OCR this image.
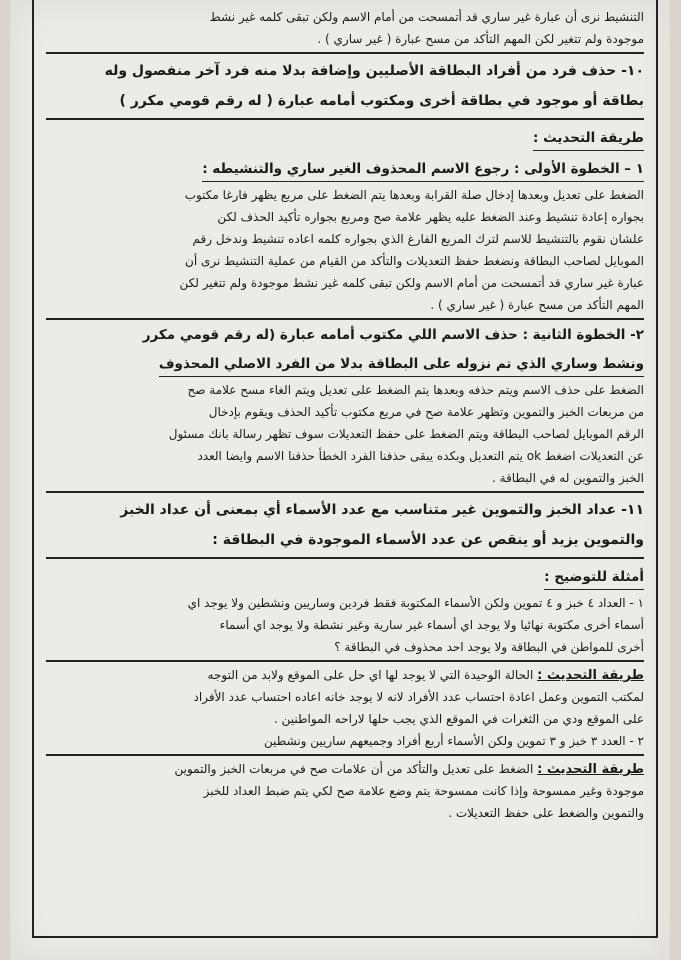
التنشيط نرى أن عبارة غير ساري قد أتمسحت من أمام الاسم ولكن تبقى كلمه غير نشط
موجودة ولم تتغير لكن المهم التأكد من مسح عبارة ( غير ساري ) .
١٠- حذف فرد من أفراد البطاقة الأصليين وإضافة بدلا منه فرد آخر منفصول وله
بطاقة أو موجود في بطاقة أخرى ومكتوب أمامه عبارة ( له رقم قومي مكرر )
طريقة التحديث :
١ – الخطوة الأولى : رجوع الاسم المحذوف الغير ساري والتنشيطه :
الضغط على تعديل وبعدها إدخال صلة القرابة وبعدها يتم الضغط على مربع يظهر فارغا مكتوب
بجواره إعادة تنشيط وعند الضغط عليه يظهر علامة صح ومربع بجواره تأكيد الحذف لكن
علشان نقوم بالتنشيط للاسم لترك المربع الفارغ الذي بجواره كلمه اعاده تنشيط وندخل رقم
الموبايل لصاحب البطاقة ونضغط حفظ التعديلات والتأكد من القيام من عملية التنشيط نرى أن
عبارة غير ساري قد أتمسحت من أمام الاسم ولكن تبقى كلمه غير نشط موجودة ولم تتغير لكن
المهم التأكد من مسح عبارة ( غير ساري ) .
٢- الخطوة الثانية : حذف الاسم اللي مكتوب أمامه عبارة (له رقم قومي مكرر
ونشط وساري الذي تم نزوله على البطاقة بدلا من الفرد الاصلي المحذوف
الضغط على حذف الاسم ويتم حذفه وبعدها يتم الضغط على تعديل ويتم الغاء مسح علامة صح
من مربعات الخبز والتموين وتظهر علامة صح في مربع مكتوب تأكيد الحذف ويقوم بإدخال
الرقم الموبايل لصاحب البطاقة ويتم الضغط على حفظ التعديلات سوف تظهر رسالة بانك مسئول
عن التعديلات اضغط ok يتم التعديل وبكده يبقى حذفنا الفرد الخطأ حذفنا الاسم وايضا العدد
الخبز والتموين له في البطاقة .
١١- عداد الخبز والتموين غير متناسب مع عدد الأسماء أي بمعنى أن عداد الخبز
والتموين يزيد أو ينقص عن عدد الأسماء الموجودة في البطاقة :
أمثلة للتوضيح :
١ - العداد ٤ خبز و ٤ تموين ولكن الأسماء المكتوبة فقط فردين وساريين ونشطين ولا يوجد اي
أسماء أخرى مكتوبة نهائيا ولا يوجد اي أسماء غير سارية وغير نشطة ولا يوجد اي أسماء
أخرى للمواطن في البطاقة ولا يوجد احد محذوف في البطاقة ؟
طريقة التحديث : الحالة الوحيدة التي لا يوجد لها اي حل على الموقع ولابد من التوجه
لمكتب التموين وعمل اعادة احتساب عدد الأفراد لانه لا يوجد خانه اعاده احتساب عدد الأفراد
على الموقع ودي من الثغرات في الموقع الذي يجب حلها لاراحه المواطنين .
٢ - العدد ٣ خبز و ٣ تموين ولكن الأسماء أربع أفراد وجميعهم ساريين ونشطين
طريقة التحديث : الضغط على تعديل والتأكد من أن علامات صح في مربعات الخبز والتموين
موجودة وغير ممسوحة وإذا كانت ممسوحة يتم وضع علامة صح لكي يتم ضبط العداد للخبز
والتموين والضغط على حفظ التعديلات .
